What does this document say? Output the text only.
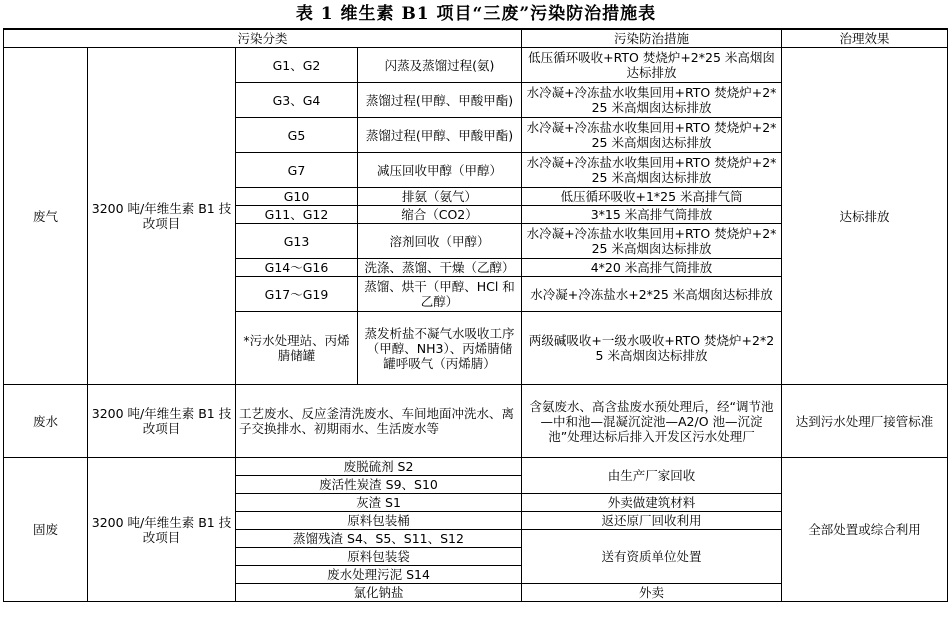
表 1 维生素 B1 项目“三废”污染防治措施表
污染分类				污染防治措施	治理效果
废气	3200 吨/年维生素 B1 技改项目	G1、G2	闪蒸及蒸馏过程(氨)	低压循环吸收+RTO 焚烧炉+2*25 米高烟囱达标排放	达标排放
		G3、G4	蒸馏过程(甲醇、甲酸甲酯)	水冷凝+冷冻盐水收集回用+RTO 焚烧炉+2*25 米高烟囱达标排放	
		G5	蒸馏过程(甲醇、甲酸甲酯)	水冷凝+冷冻盐水收集回用+RTO 焚烧炉+2*25 米高烟囱达标排放	
		G7	减压回收甲醇（甲醇）	水冷凝+冷冻盐水收集回用+RTO 焚烧炉+2*25 米高烟囱达标排放	
		G10	排氨（氨气）	低压循环吸收+1*25 米高排气筒	
		G11、G12	缩合（CO2）	3*15 米高排气筒排放	
		G13	溶剂回收（甲醇）	水冷凝+冷冻盐水收集回用+RTO 焚烧炉+2*25 米高烟囱达标排放	
		G14～G16	洗涤、蒸馏、干燥（乙醇）	4*20 米高排气筒排放	
		G17～G19	蒸馏、烘干（甲醇、HCl 和乙醇）	水冷凝+冷冻盐水+2*25 米高烟囱达标排放	
		*污水处理站、丙烯腈储罐	蒸发析盐不凝气水吸收工序（甲醇、NH3）、丙烯腈储罐呼吸气（丙烯腈）	两级碱吸收+一级水吸收+RTO 焚烧炉+2*25 米高烟囱达标排放	
废水	3200 吨/年维生素 B1 技改项目	工艺废水、反应釜清洗废水、车间地面冲洗水、离子交换排水、初期雨水、生活废水等		含氨废水、高含盐废水预处理后，经“调节池—中和池—混凝沉淀池—A2/O 池—沉淀池”处理达标后排入开发区污水处理厂	达到污水处理厂接管标准
固废	3200 吨/年维生素 B1 技改项目	废脱硫剂 S2		由生产厂家回收	全部处置或综合利用
		废活性炭渣 S9、S10			
		灰渣 S1		外卖做建筑材料	
		原料包装桶		返还原厂回收利用	
		蒸馏残渣 S4、S5、S11、S12		送有资质单位处置	
		原料包装袋			
		废水处理污泥 S14			
		氯化钠盐		外卖	
